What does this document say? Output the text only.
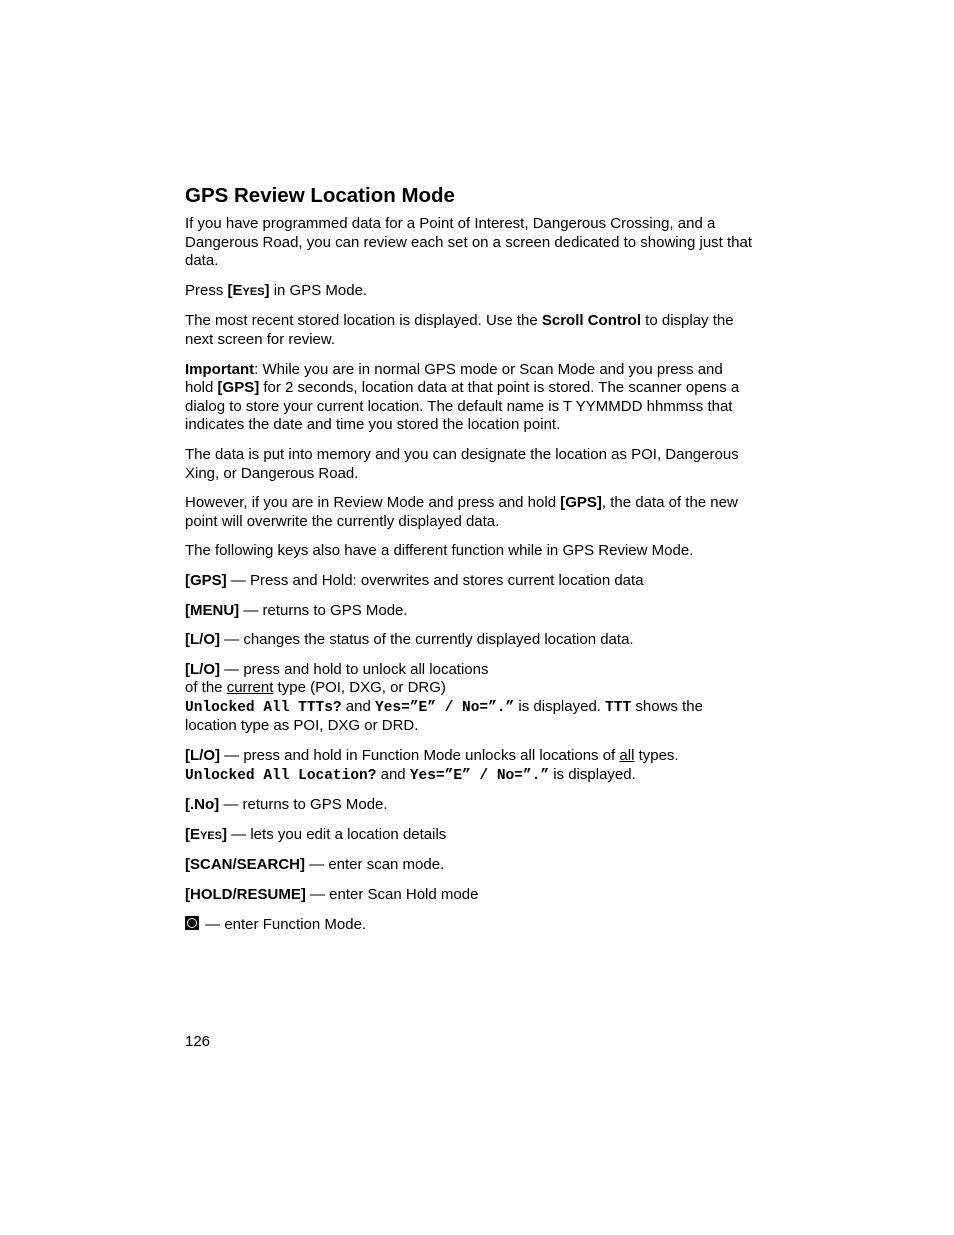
GPS Review Location Mode

If you have programmed data for a Point of Interest, Dangerous Crossing, and a Dangerous Road, you can review each set on a screen dedicated to showing just that data.

Press [EYES] in GPS Mode.

The most recent stored location is displayed. Use the Scroll Control to display the next screen for review.

Important: While you are in normal GPS mode or Scan Mode and you press and hold [GPS] for 2 seconds, location data at that point is stored. The scanner opens a dialog to store your current location. The default name is T YYMMDD hhmmss that indicates the date and time you stored the location point.

The data is put into memory and you can designate the location as POI, Dangerous Xing, or Dangerous Road.

However, if you are in Review Mode and press and hold [GPS], the data of the new point will overwrite the currently displayed data.

The following keys also have a different function while in GPS Review Mode.

[GPS] — Press and Hold: overwrites and stores current location data

[MENU] — returns to GPS Mode.

[L/O] — changes the status of the currently displayed location data.

[L/O] — press and hold to unlock all locations
of the current type (POI, DXG, or DRG)
Unlocked All TTTs? and Yes=”E” / No=”.” is displayed. TTT shows the location type as POI, DXG or DRD.

[L/O] — press and hold in Function Mode unlocks all locations of all types.
Unlocked All Location? and Yes=”E” / No=”.” is displayed.

[.No] — returns to GPS Mode.

[EYES] — lets you edit a location details

[SCAN/SEARCH] — enter scan mode.

[HOLD/RESUME] — enter Scan Hold mode

— enter Function Mode.

126
